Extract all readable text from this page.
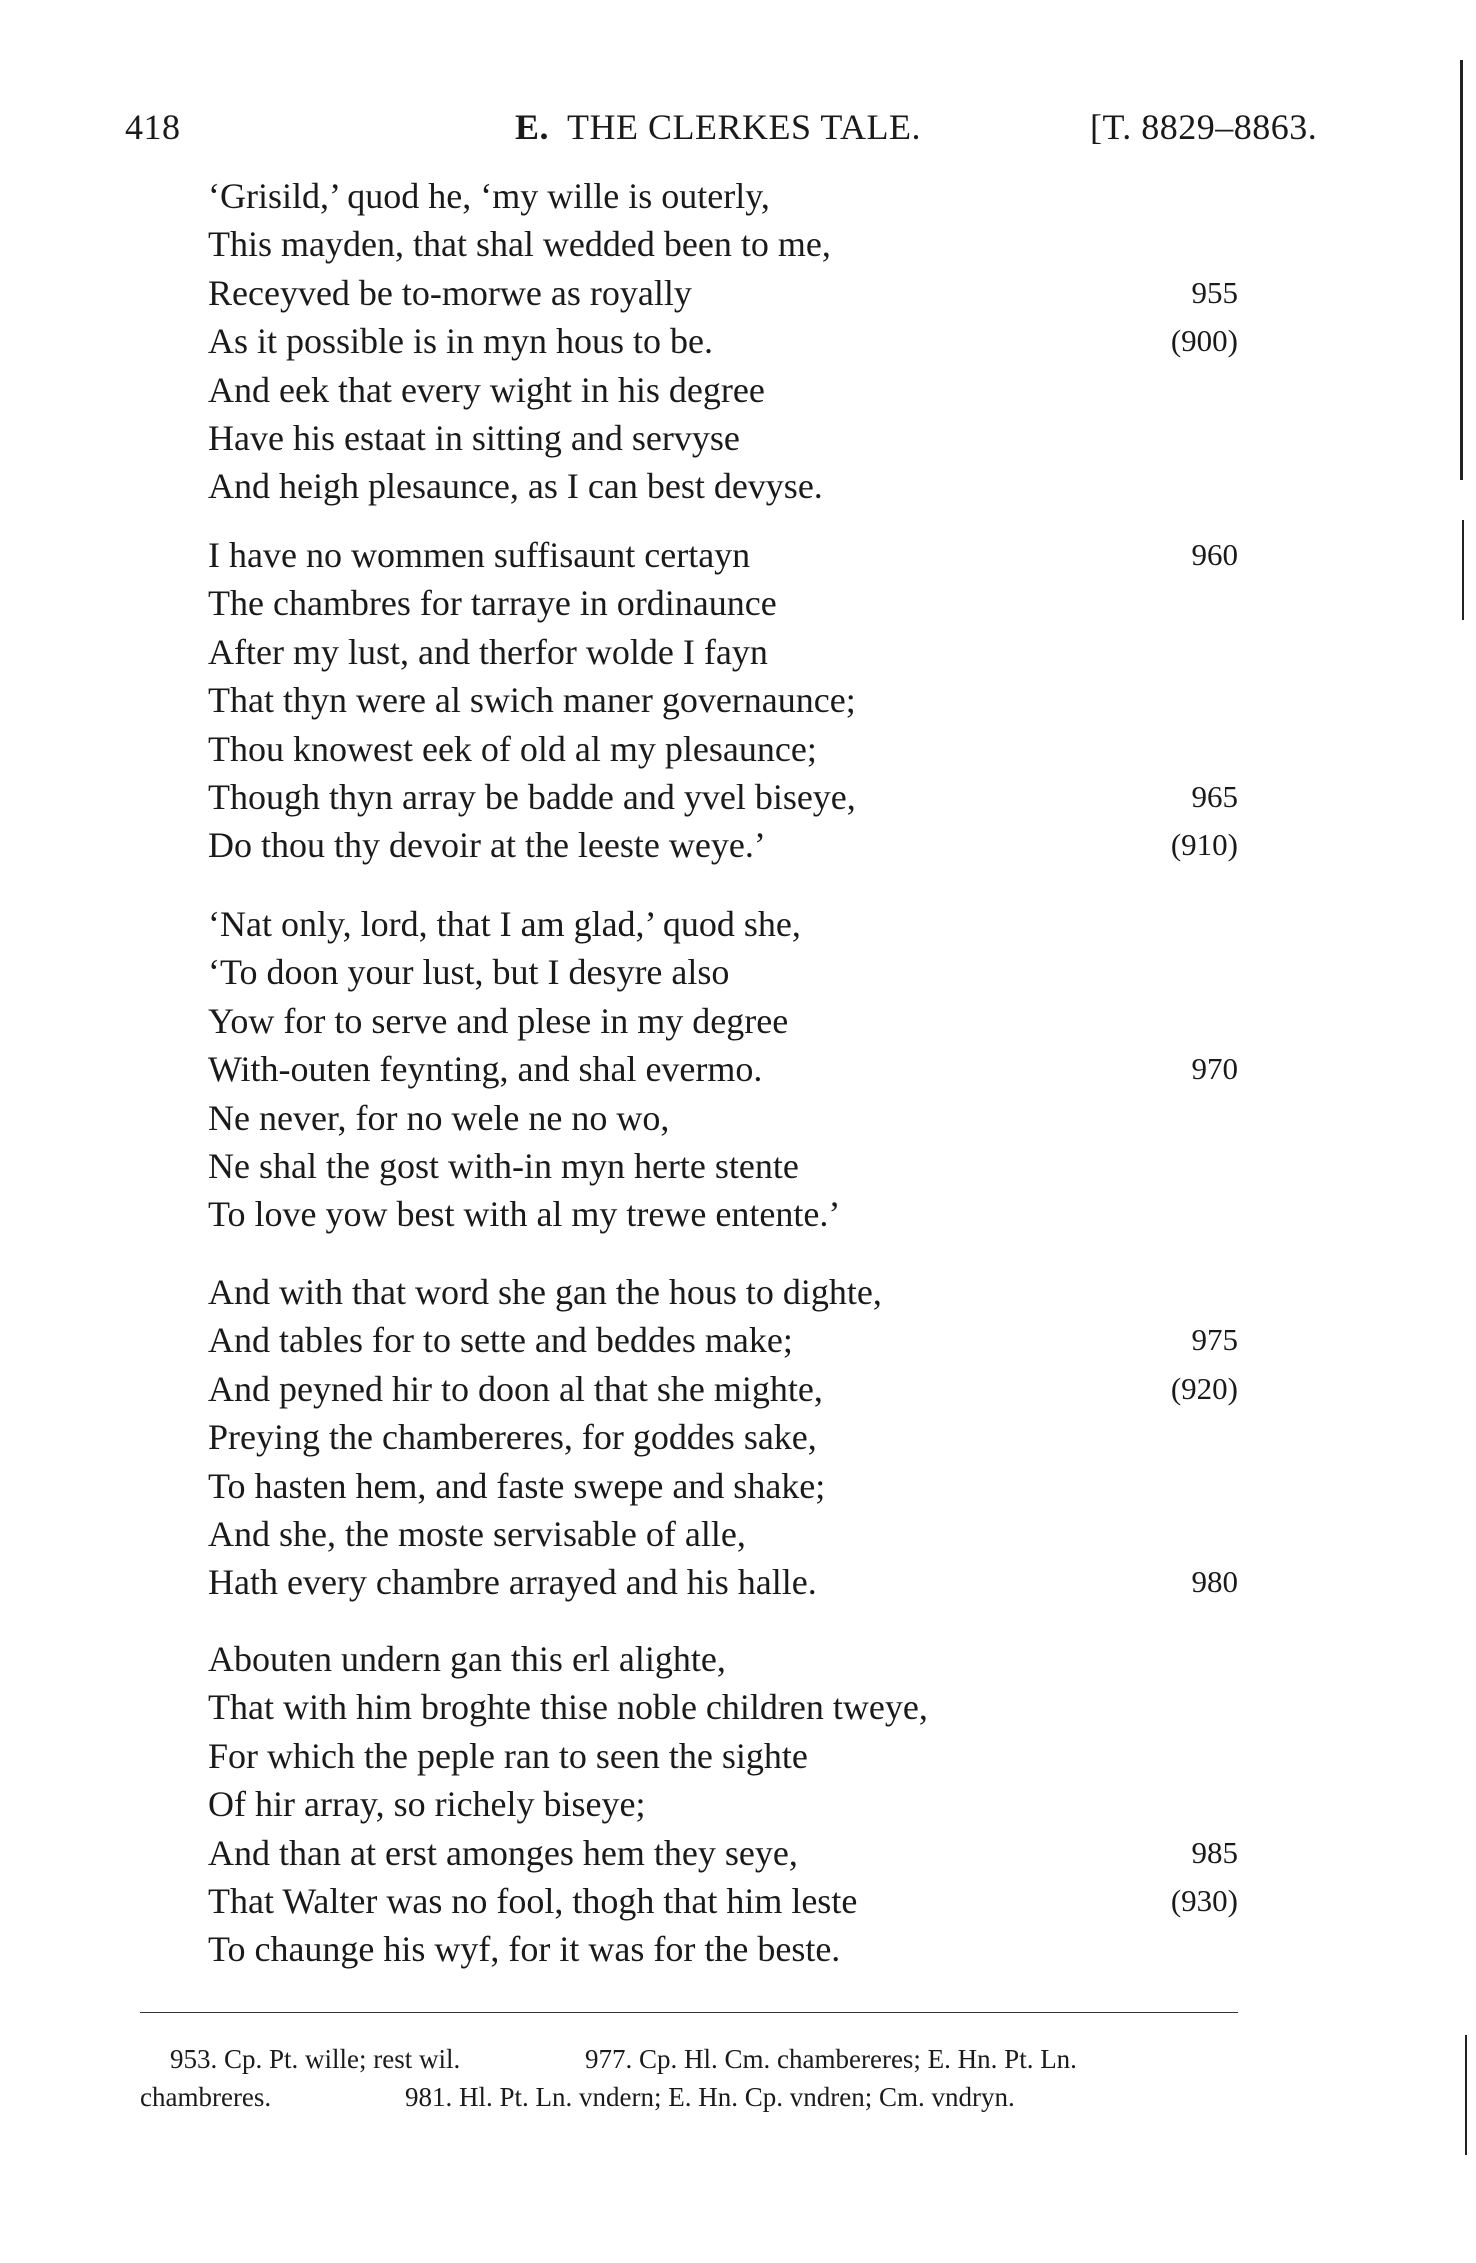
418	E. THE CLERKES TALE.	[T. 8829–8863.
‘Grisild,’ quod he, ‘my wille is outerly,
This mayden, that shal wedded been to me,
Receyved be to-morwe as royally	955
As it possible is in myn hous to be.	(900)
And eek that every wight in his degree
Have his estaat in sitting and servyse
And heigh plesaunce, as I can best devyse.
I have no wommen suffisaunt certayn	960
The chambres for tarraye in ordinaunce
After my lust, and therfor wolde I fayn
That thyn were al swich maner governaunce;
Thou knowest eek of old al my plesaunce;
Though thyn array be badde and yvel biseye,	965
Do thou thy devoir at the leeste weye.’	(910)
‘Nat only, lord, that I am glad,’ quod she,
‘To doon your lust, but I desyre also
Yow for to serve and plese in my degree
With-outen feynting, and shal evermo.	970
Ne never, for no wele ne no wo,
Ne shal the gost with-in myn herte stente
To love yow best with al my trewe entente.’
And with that word she gan the hous to dighte,
And tables for to sette and beddes make;	975
And peyned hir to doon al that she mighte,	(920)
Preying the chambereres, for goddes sake,
To hasten hem, and faste swepe and shake;
And she, the moste servisable of alle,
Hath every chambre arrayed and his halle.	980
Abouten undern gan this erl alighte,
That with him broghte thise noble children tweye,
For which the peple ran to seen the sighte
Of hir array, so richely biseye;
And than at erst amonges hem they seye,	985
That Walter was no fool, thogh that him leste	(930)
To chaunge his wyf, for it was for the beste.
953. Cp. Pt. wille; rest wil.	977. Cp. Hl. Cm. chambereres; E. Hn. Pt. Ln.
chambreres.	981. Hl. Pt. Ln. vndern; E. Hn. Cp. vndren; Cm. vndryn.
